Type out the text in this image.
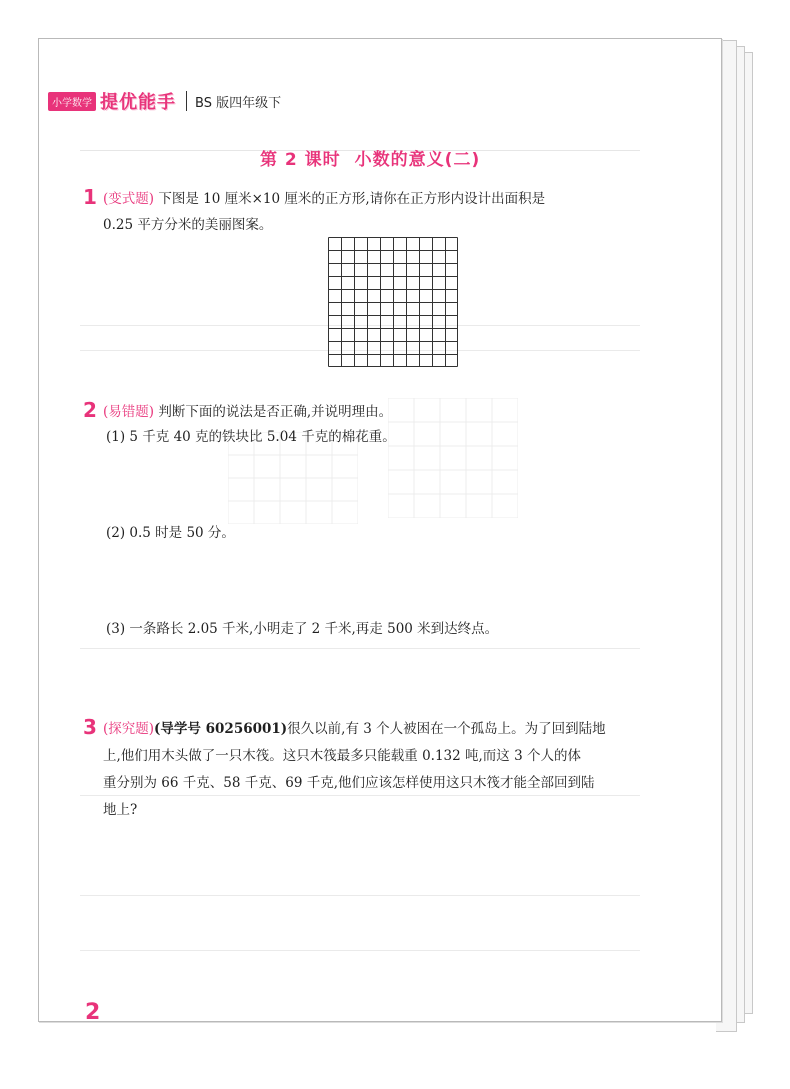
小学数学 提优能手 BS 版四年级下
第 2 课时 小数的意义(二)
1 (变式题) 下图是 10 厘米×10 厘米的正方形,请你在正方形内设计出面积是
0.25 平方分米的美丽图案。
2 (易错题) 判断下面的说法是否正确,并说明理由。
(1) 5 千克 40 克的铁块比 5.04 千克的棉花重。
(2) 0.5 时是 50 分。
(3) 一条路长 2.05 千米,小明走了 2 千米,再走 500 米到达终点。
3 (探究题)(导学号 60256001)很久以前,有 3 个人被困在一个孤岛上。为了回到陆地
上,他们用木头做了一只木筏。这只木筏最多只能载重 0.132 吨,而这 3 个人的体
重分别为 66 千克、58 千克、69 千克,他们应该怎样使用这只木筏才能全部回到陆
地上?
2
